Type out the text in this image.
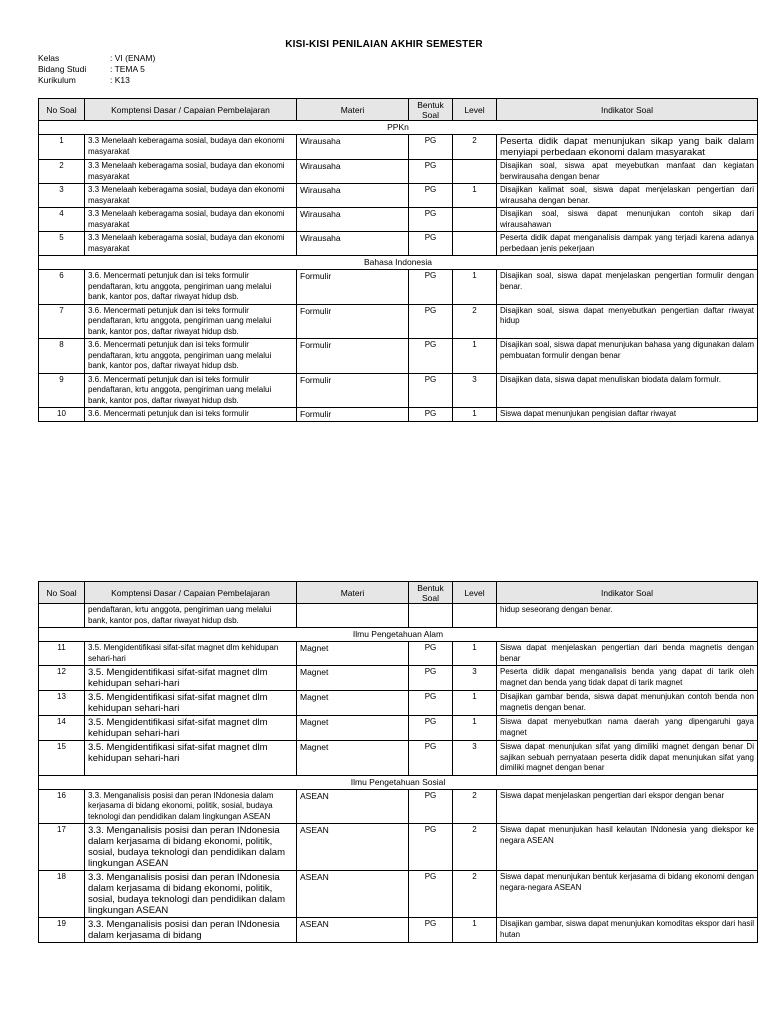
KISI-KISI PENILAIAN AKHIR SEMESTER
Kelas	: VI (ENAM)
Bidang Studi	: TEMA 5
Kurikulum	: K13
No Soal	Komptensi Dasar / Capaian Pembelajaran	Materi	Bentuk Soal	Level	Indikator Soal
PPKn					
1	3.3 Menelaah keberagama sosial, budaya dan ekonomi masyarakat	Wirausaha	PG	2	Peserta didik dapat menunjukan sikap yang baik dalam menyiapi perbedaan ekonomi dalam masyarakat
2	3.3 Menelaah keberagama sosial, budaya dan ekonomi masyarakat	Wirausaha	PG		Disajikan soal, siswa apat meyebutkan manfaat dan kegiatan berwirausaha dengan benar
3	3.3 Menelaah keberagama sosial, budaya dan ekonomi masyarakat	Wirausaha	PG	1	Disajikan kalimat soal, siswa dapat menjelaskan pengertian dari wirausaha dengan benar.
4	3.3 Menelaah keberagama sosial, budaya dan ekonomi masyarakat	Wirausaha	PG		Disajikan soal, siswa dapat menunjukan contoh sikap dari wirausahawan
5	3.3 Menelaah keberagama sosial, budaya dan ekonomi masyarakat	Wirausaha	PG		Peserta didik dapat menganalisis dampak yang terjadi karena adanya perbedaan jenis pekerjaan
Bahasa Indonesia					
6	3.6. Mencermati petunjuk dan isi teks formulir pendaftaran, krtu anggota, pengiriman uang melalui bank, kantor pos, daftar riwayat hidup dsb.	Formulir	PG	1	Disajikan soal, siswa dapat menjelaskan pengertian formulir dengan benar.
7	3.6. Mencermati petunjuk dan isi teks formulir pendaftaran, krtu anggota, pengiriman uang melalui bank, kantor pos, daftar riwayat hidup dsb.	Formulir	PG	2	Disajikan soal, siswa dapat menyebutkan pengertian daftar riwayat hidup
8	3.6. Mencermati petunjuk dan isi teks formulir pendaftaran, krtu anggota, pengiriman uang melalui bank, kantor pos, daftar riwayat hidup dsb.	Formulir	PG	1	Disajikan soal, siswa dapat menunjukan bahasa yang digunakan dalam pembuatan formulir dengan benar
9	3.6. Mencermati petunjuk dan isi teks formulir pendaftaran, krtu anggota, pengiriman uang melalui bank, kantor pos, daftar riwayat hidup dsb.	Formulir	PG	3	Disajikan data, siswa dapat menuliskan biodata dalam formulr.
10	3.6. Mencermati petunjuk dan isi teks formulir	Formulir	PG	1	Siswa dapat menunjukan pengisian daftar riwayat
No Soal	Komptensi Dasar / Capaian Pembelajaran	Materi	Bentuk Soal	Level	Indikator Soal
	pendaftaran, krtu anggota, pengiriman uang melalui bank, kantor pos, daftar riwayat hidup dsb.				hidup seseorang dengan benar.
Ilmu Pengetahuan Alam					
11	3.5. Mengidentifikasi sifat-sifat magnet dlm kehidupan sehari-hari	Magnet	PG	1	Siswa dapat menjelaskan pengertian dari benda magnetis dengan benar
12	3.5. Mengidentifikasi sifat-sifat magnet dlm kehidupan sehari-hari	Magnet	PG	3	Peserta didik dapat menganalisis benda yang dapat di tarik oleh magnet dan benda yang tidak dapat di tarik magnet
13	3.5. Mengidentifikasi sifat-sifat magnet dlm kehidupan sehari-hari	Magnet	PG	1	Disajikan gambar benda, siswa dapat menunjukan contoh benda non magnetis dengan benar.
14	3.5. Mengidentifikasi sifat-sifat magnet dlm kehidupan sehari-hari	Magnet	PG	1	Siswa dapat menyebutkan nama daerah yang dipengaruhi gaya magnet
15	3.5. Mengidentifikasi sifat-sifat magnet dlm kehidupan sehari-hari	Magnet	PG	3	Siswa dapat menunjukan sifat yang dimiliki magnet dengan benar Di sajikan sebuah pernyataan peserta didik dapat menunjukan sifat yang dimiliki magnet dengan benar
Ilmu Pengetahuan Sosial					
16	3.3. Menganalisis posisi dan peran INdonesia dalam kerjasama di bidang ekonomi, politik, sosial, budaya teknologi dan pendidikan dalam lingkungan ASEAN	ASEAN	PG	2	Siswa dapat menjelaskan pengertian dari ekspor dengan benar
17	3.3. Menganalisis posisi dan peran INdonesia dalam kerjasama di bidang ekonomi, politik, sosial, budaya teknologi dan pendidikan dalam lingkungan ASEAN	ASEAN	PG	2	Siswa dapat menunjukan hasil kelautan INdonesia yang diekspor ke negara ASEAN
18	3.3. Menganalisis posisi dan peran INdonesia dalam kerjasama di bidang ekonomi, politik, sosial, budaya teknologi dan pendidikan dalam lingkungan ASEAN	ASEAN	PG	2	Siswa dapat menunjukan bentuk kerjasama di bidang ekonomi dengan negara-negara ASEAN
19	3.3. Menganalisis posisi dan peran INdonesia dalam kerjasama di bidang	ASEAN	PG	1	Disajikan gambar, siswa dapat menunjukan komoditas ekspor dari hasil hutan
